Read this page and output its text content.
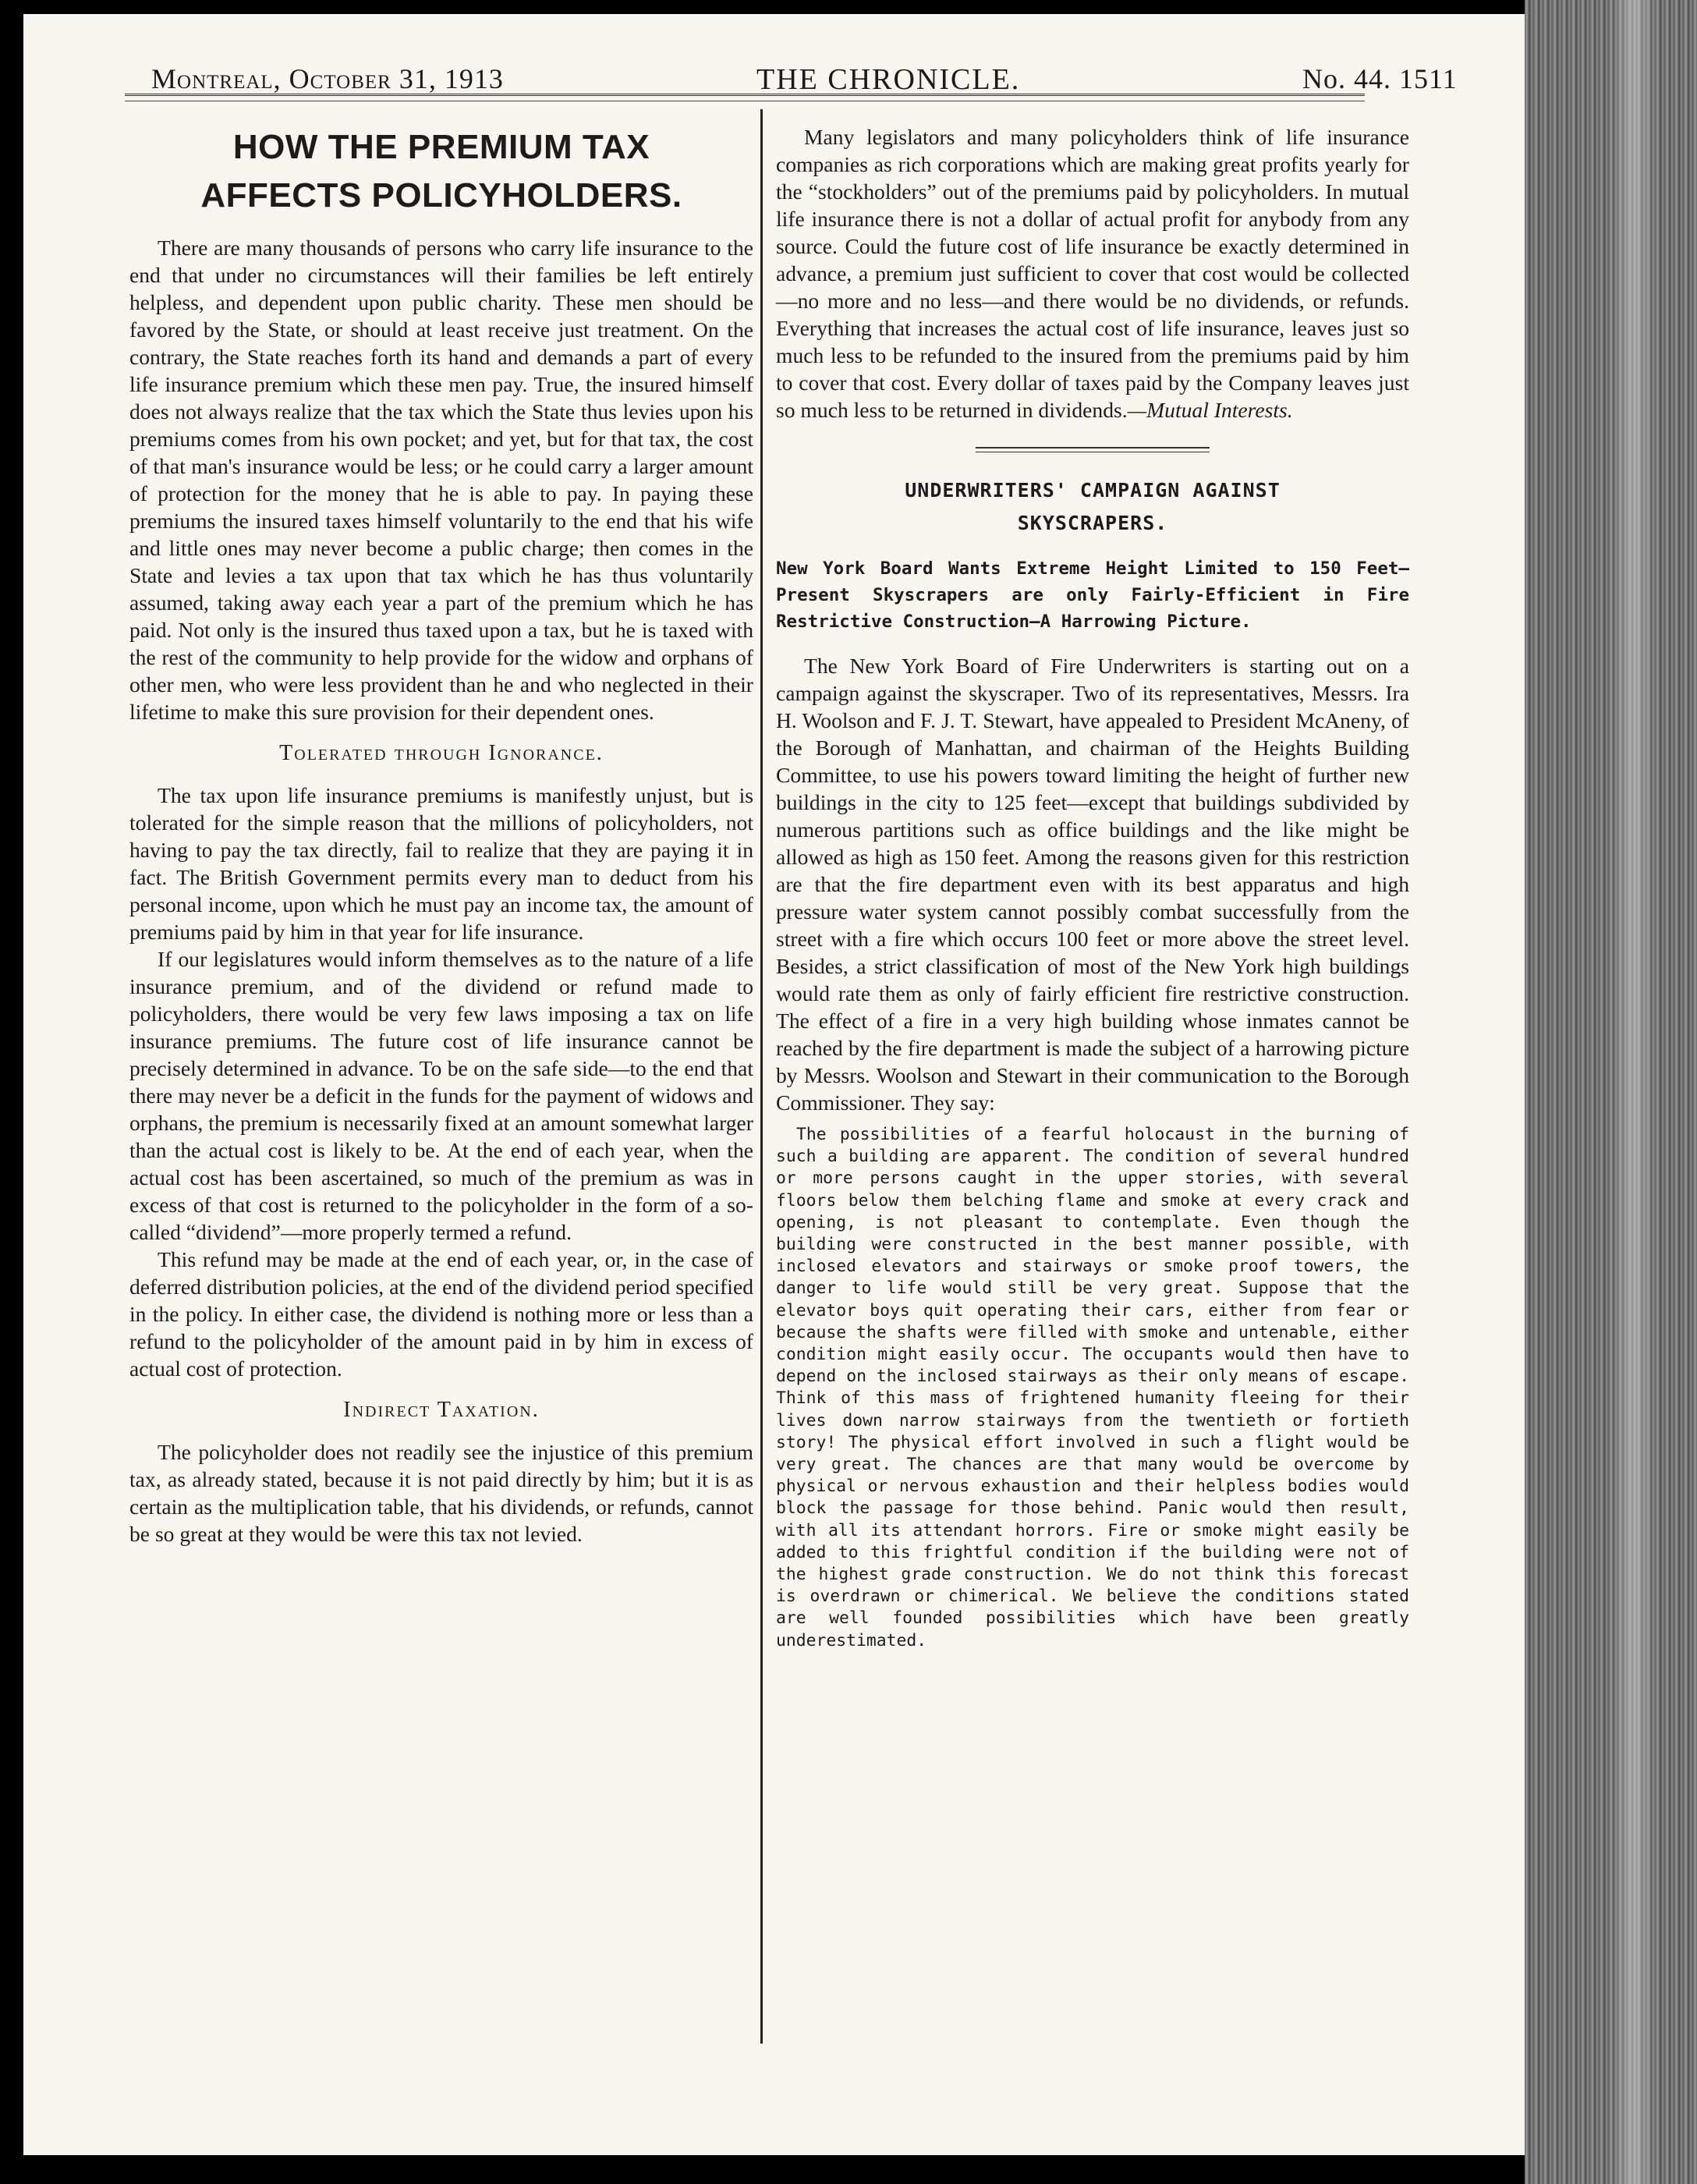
Montreal, October 31, 1913	THE CHRONICLE.	No. 44. 1511
HOW THE PREMIUM TAX
AFFECTS POLICYHOLDERS.

There are many thousands of persons who carry life insurance to the end that under no circumstances will their families be left entirely helpless, and dependent upon public charity. These men should be favored by the State, or should at least receive just treatment. On the contrary, the State reaches forth its hand and demands a part of every life insurance premium which these men pay. True, the insured himself does not always realize that the tax which the State thus levies upon his premiums comes from his own pocket; and yet, but for that tax, the cost of that man's insurance would be less; or he could carry a larger amount of protection for the money that he is able to pay. In paying these premiums the insured taxes himself voluntarily to the end that his wife and little ones may never become a public charge; then comes in the State and levies a tax upon that tax which he has thus voluntarily assumed, taking away each year a part of the premium which he has paid. Not only is the insured thus taxed upon a tax, but he is taxed with the rest of the community to help provide for the widow and orphans of other men, who were less provident than he and who neglected in their lifetime to make this sure provision for their dependent ones.

Tolerated through Ignorance.

The tax upon life insurance premiums is manifestly unjust, but is tolerated for the simple reason that the millions of policyholders, not having to pay the tax directly, fail to realize that they are paying it in fact. The British Government permits every man to deduct from his personal income, upon which he must pay an income tax, the amount of premiums paid by him in that year for life insurance.

If our legislatures would inform themselves as to the nature of a life insurance premium, and of the dividend or refund made to policyholders, there would be very few laws imposing a tax on life insurance premiums. The future cost of life insurance cannot be precisely determined in advance. To be on the safe side—to the end that there may never be a deficit in the funds for the payment of widows and orphans, the premium is necessarily fixed at an amount somewhat larger than the actual cost is likely to be. At the end of each year, when the actual cost has been ascertained, so much of the premium as was in excess of that cost is returned to the policyholder in the form of a so-called “dividend”—more properly termed a refund.

This refund may be made at the end of each year, or, in the case of deferred distribution policies, at the end of the dividend period specified in the policy. In either case, the dividend is nothing more or less than a refund to the policyholder of the amount paid in by him in excess of actual cost of protection.

Indirect Taxation.

The policyholder does not readily see the injustice of this premium tax, as already stated, because it is not paid directly by him; but it is as certain as the multiplication table, that his dividends, or refunds, cannot be so great at they would be were this tax not levied.

Many legislators and many policyholders think of life insurance companies as rich corporations which are making great profits yearly for the “stockholders” out of the premiums paid by policyholders. In mutual life insurance there is not a dollar of actual profit for anybody from any source. Could the future cost of life insurance be exactly determined in advance, a premium just sufficient to cover that cost would be collected—no more and no less—and there would be no dividends, or refunds. Everything that increases the actual cost of life insurance, leaves just so much less to be refunded to the insured from the premiums paid by him to cover that cost. Every dollar of taxes paid by the Company leaves just so much less to be returned in dividends.—Mutual Interests.

UNDERWRITERS' CAMPAIGN AGAINST
SKYSCRAPERS.
New York Board Wants Extreme Height Limited to 150 Feet—Present Skyscrapers are only Fairly-Efficient in Fire Restrictive Construction—A Harrowing Picture.

The New York Board of Fire Underwriters is starting out on a campaign against the skyscraper. Two of its representatives, Messrs. Ira H. Woolson and F. J. T. Stewart, have appealed to President McAneny, of the Borough of Manhattan, and chairman of the Heights Building Committee, to use his powers toward limiting the height of further new buildings in the city to 125 feet—except that buildings subdivided by numerous partitions such as office buildings and the like might be allowed as high as 150 feet. Among the reasons given for this restriction are that the fire department even with its best apparatus and high pressure water system cannot possibly combat successfully from the street with a fire which occurs 100 feet or more above the street level. Besides, a strict classification of most of the New York high buildings would rate them as only of fairly efficient fire restrictive construction. The effect of a fire in a very high building whose inmates cannot be reached by the fire department is made the subject of a harrowing picture by Messrs. Woolson and Stewart in their communication to the Borough Commissioner. They say:

The possibilities of a fearful holocaust in the burning of such a building are apparent. The condition of several hundred or more persons caught in the upper stories, with several floors below them belching flame and smoke at every crack and opening, is not pleasant to contemplate. Even though the building were constructed in the best manner possible, with inclosed elevators and stairways or smoke proof towers, the danger to life would still be very great. Suppose that the elevator boys quit operating their cars, either from fear or because the shafts were filled with smoke and untenable, either condition might easily occur. The occupants would then have to depend on the inclosed stairways as their only means of escape. Think of this mass of frightened humanity fleeing for their lives down narrow stairways from the twentieth or fortieth story! The physical effort involved in such a flight would be very great. The chances are that many would be overcome by physical or nervous exhaustion and their helpless bodies would block the passage for those behind. Panic would then result, with all its attendant horrors. Fire or smoke might easily be added to this frightful condition if the building were not of the highest grade construction. We do not think this forecast is overdrawn or chimerical. We believe the conditions stated are well founded possibilities which have been greatly underestimated.
